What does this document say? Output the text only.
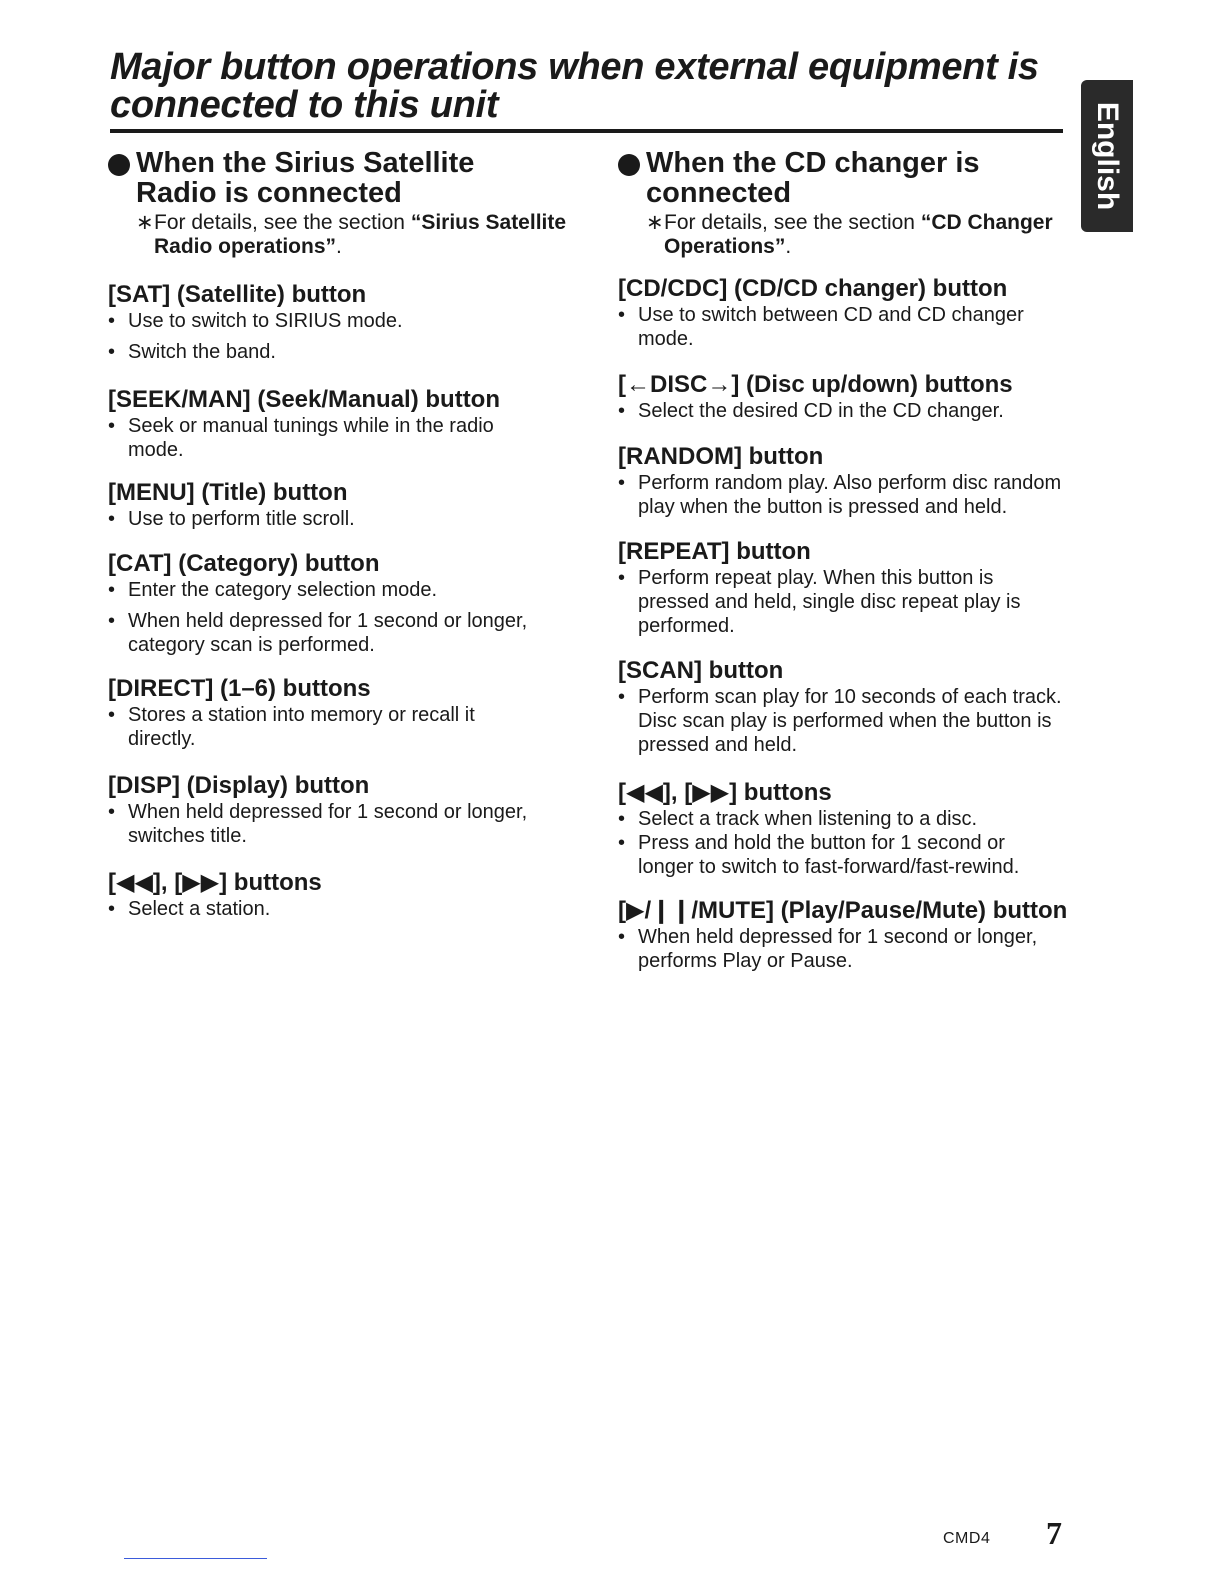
Major button operations when external equipment is
connected to this unit	English
When the Sirius Satellite
Radio is connected
∗ For details, see the section “Sirius Satellite Radio operations”.
[SAT] (Satellite) button
• Use to switch to SIRIUS mode.
• Switch the band.
[SEEK/MAN] (Seek/Manual) button
• Seek or manual tunings while in the radio mode.
[MENU] (Title) button
• Use to perform title scroll.
[CAT] (Category) button
• Enter the category selection mode.
• When held depressed for 1 second or longer, category scan is performed.
[DIRECT] (1–6) buttons
• Stores a station into memory or recall it directly.
[DISP] (Display) button
• When held depressed for 1 second or longer, switches title.
[◀◀], [▶▶] buttons
• Select a station.
When the CD changer is
connected
∗ For details, see the section “CD Changer Operations”.
[CD/CDC] (CD/CD changer) button
• Use to switch between CD and CD changer mode.
[←DISC→] (Disc up/down) buttons
• Select the desired CD in the CD changer.
[RANDOM] button
• Perform random play. Also perform disc random play when the button is pressed and held.
[REPEAT] button
• Perform repeat play. When this button is pressed and held, single disc repeat play is performed.
[SCAN] button
• Perform scan play for 10 seconds of each track. Disc scan play is performed when the button is pressed and held.
[◀◀], [▶▶] buttons
• Select a track when listening to a disc.
• Press and hold the button for 1 second or longer to switch to fast-forward/fast-rewind.
[▶/❙❙/MUTE] (Play/Pause/Mute) button
• When held depressed for 1 second or longer, performs Play or Pause.
CMD4 7
